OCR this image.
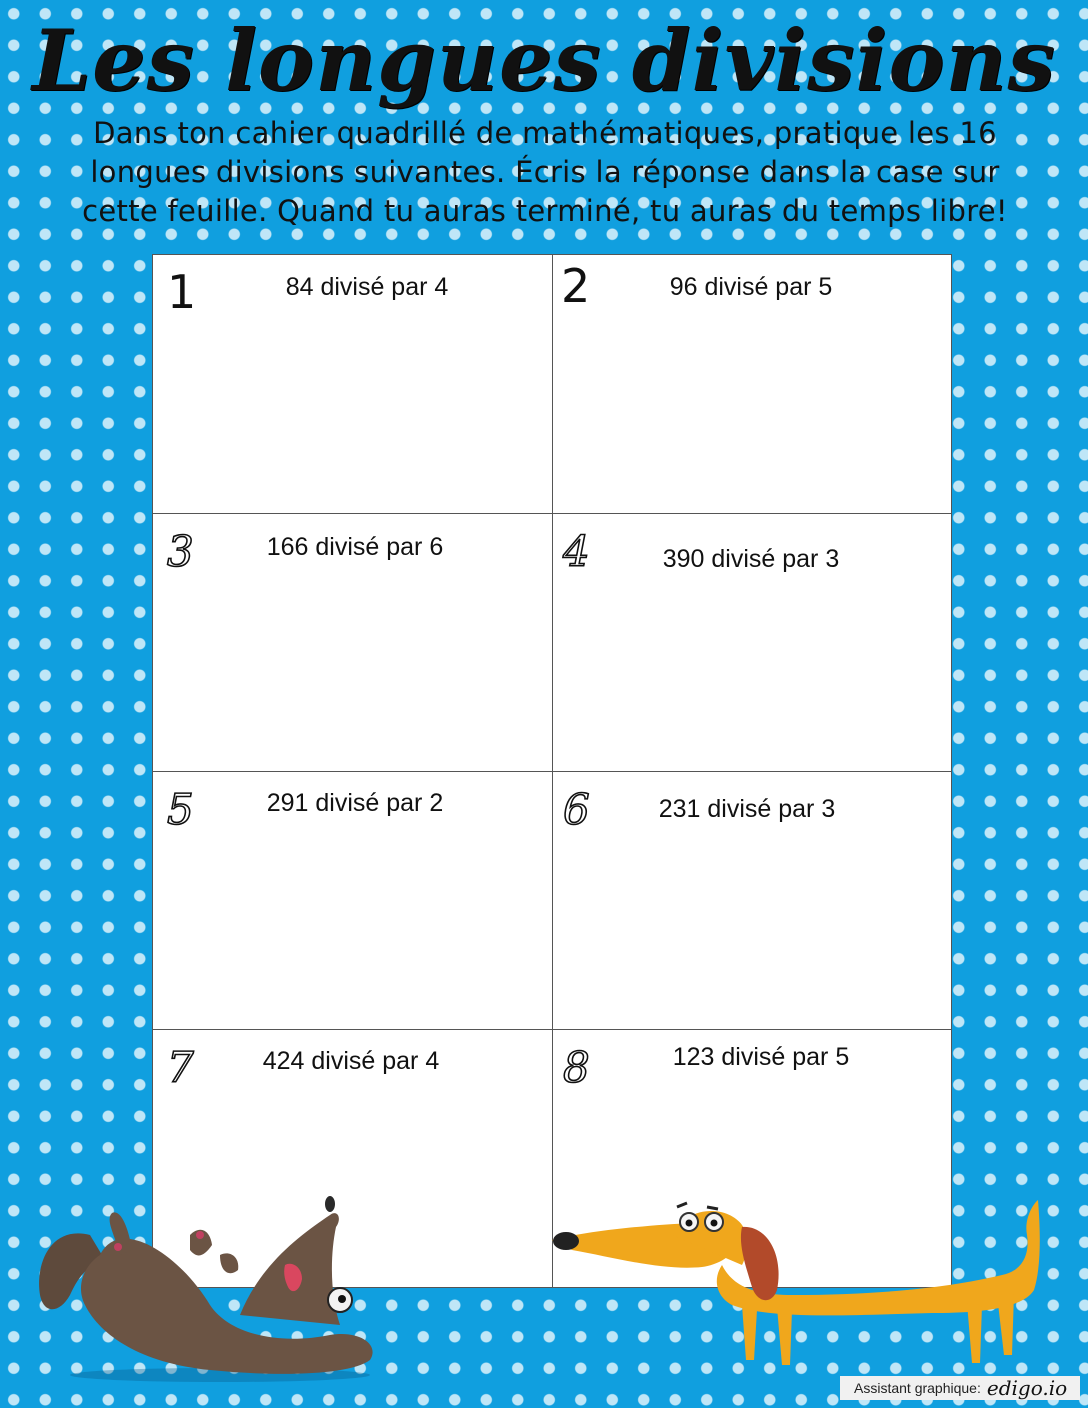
Les longues divisions
Dans ton cahier quadrillé de mathématiques, pratique les 16 longues divisions suivantes. Écris la réponse dans la case sur cette feuille. Quand tu auras terminé, tu auras du temps libre!
1	84 divisé par 4	2	96 divisé par 5
3	166 divisé par 6	4	390 divisé par 3
5	291 divisé par 2	6	231 divisé par 3
7	424 divisé par 4	8	123 divisé par 5
Assistant graphique: edigo.io
